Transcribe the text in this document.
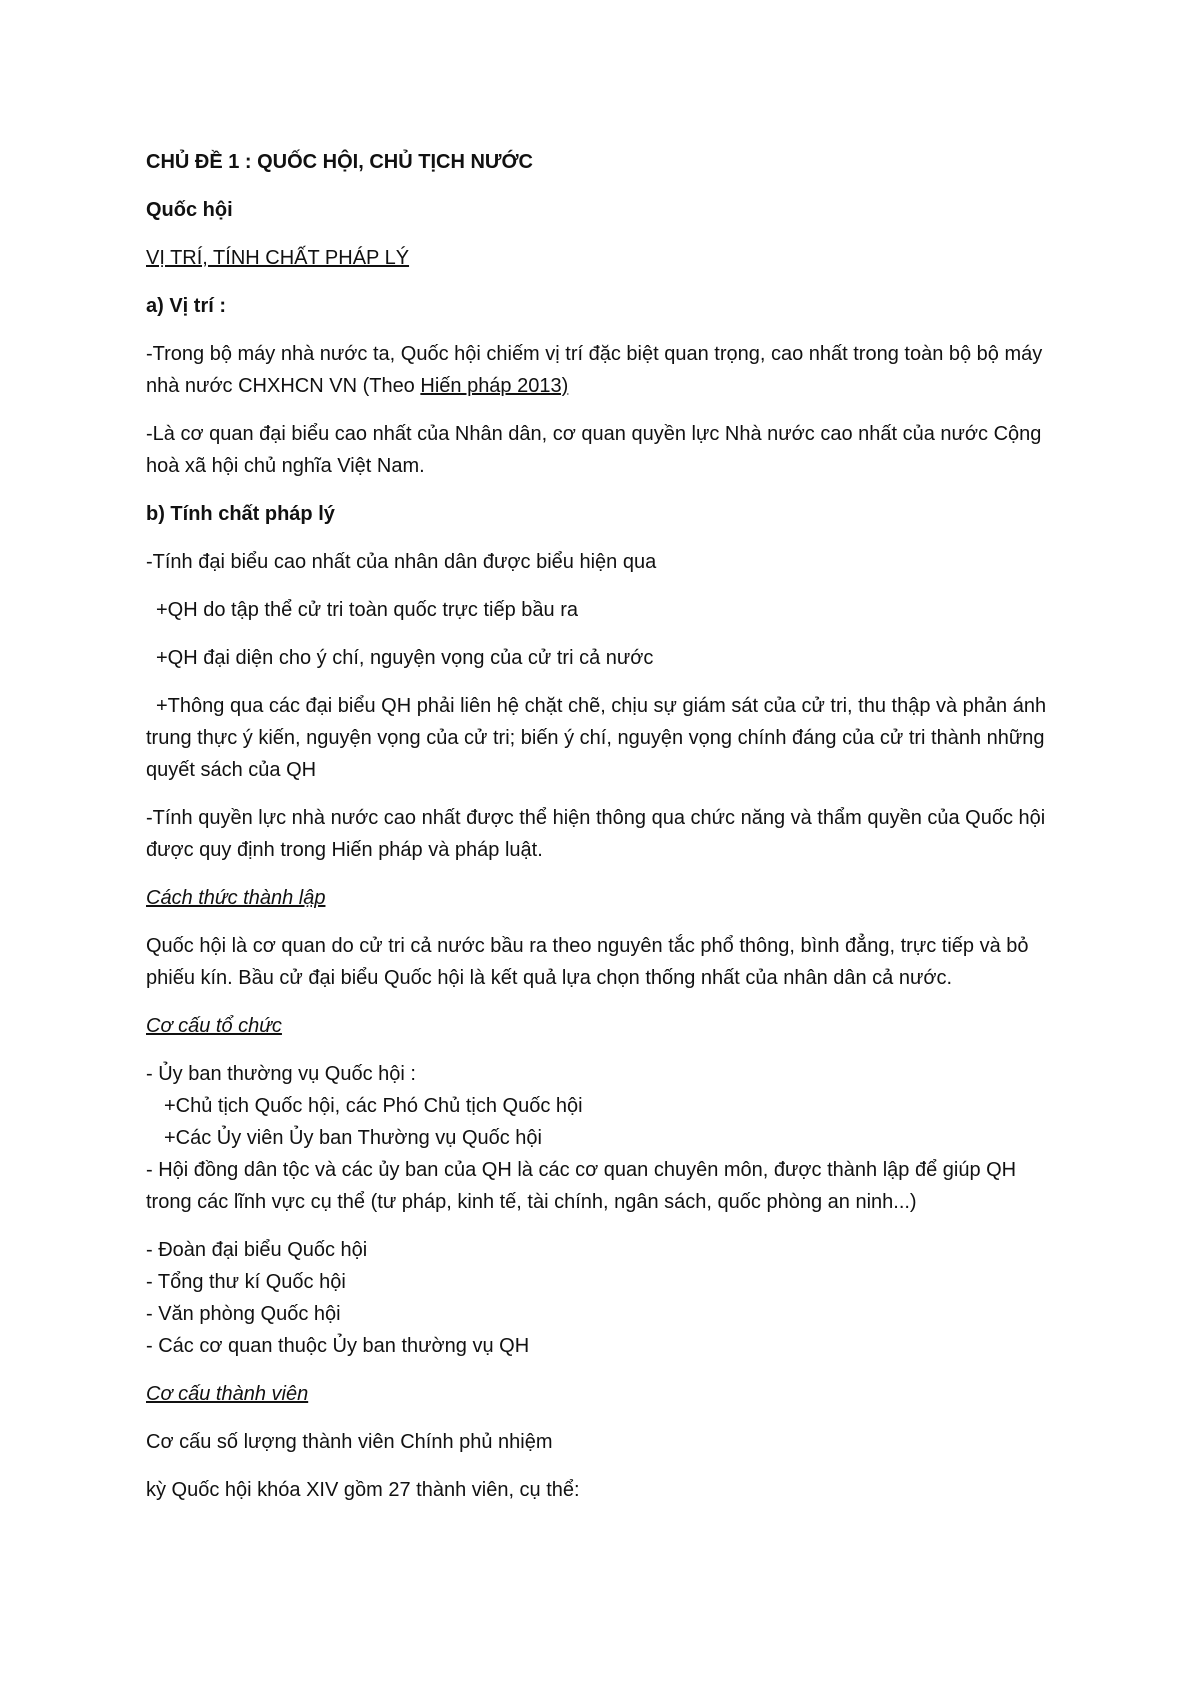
CHỦ ĐỀ 1 : QUỐC HỘI, CHỦ TỊCH NƯỚC

Quốc hội

VỊ TRÍ, TÍNH CHẤT PHÁP LÝ

a) Vị trí :

-Trong bộ máy nhà nước ta, Quốc hội chiếm vị trí đặc biệt quan trọng, cao nhất trong toàn bộ bộ máy nhà nước CHXHCN VN (Theo Hiến pháp 2013)

-Là cơ quan đại biểu cao nhất của Nhân dân, cơ quan quyền lực Nhà nước cao nhất của nước Cộng hoà xã hội chủ nghĩa Việt Nam.

b) Tính chất pháp lý

-Tính đại biểu cao nhất của nhân dân được biểu hiện qua

+QH do tập thể cử tri toàn quốc trực tiếp bầu ra

+QH đại diện cho ý chí, nguyện vọng của cử tri cả nước

+Thông qua các đại biểu QH phải liên hệ chặt chẽ, chịu sự giám sát của cử tri, thu thập và phản ánh trung thực ý kiến, nguyện vọng của cử tri; biến ý chí, nguyện vọng chính đáng của cử tri thành những quyết sách của QH

-Tính quyền lực nhà nước cao nhất được thể hiện thông qua chức năng và thẩm quyền của Quốc hội được quy định trong Hiến pháp và pháp luật.

Cách thức thành lập

Quốc hội là cơ quan do cử tri cả nước bầu ra theo nguyên tắc phổ thông, bình đẳng, trực tiếp và bỏ phiếu kín. Bầu cử đại biểu Quốc hội là kết quả lựa chọn thống nhất của nhân dân cả nước.

Cơ cấu tổ chức

- Ủy ban thường vụ Quốc hội :

+Chủ tịch Quốc hội, các Phó Chủ tịch Quốc hội

+Các Ủy viên Ủy ban Thường vụ Quốc hội

- Hội đồng dân tộc và các ủy ban của QH là các cơ quan chuyên môn, được thành lập để giúp QH trong các lĩnh vực cụ thể (tư pháp, kinh tế, tài chính, ngân sách, quốc phòng an ninh...)

- Đoàn đại biểu Quốc hội

- Tổng thư kí Quốc hội

- Văn phòng Quốc hội

- Các cơ quan thuộc Ủy ban thường vụ QH

Cơ cấu thành viên

Cơ cấu số lượng thành viên Chính phủ nhiệm

kỳ Quốc hội khóa XIV gồm 27 thành viên, cụ thể:
